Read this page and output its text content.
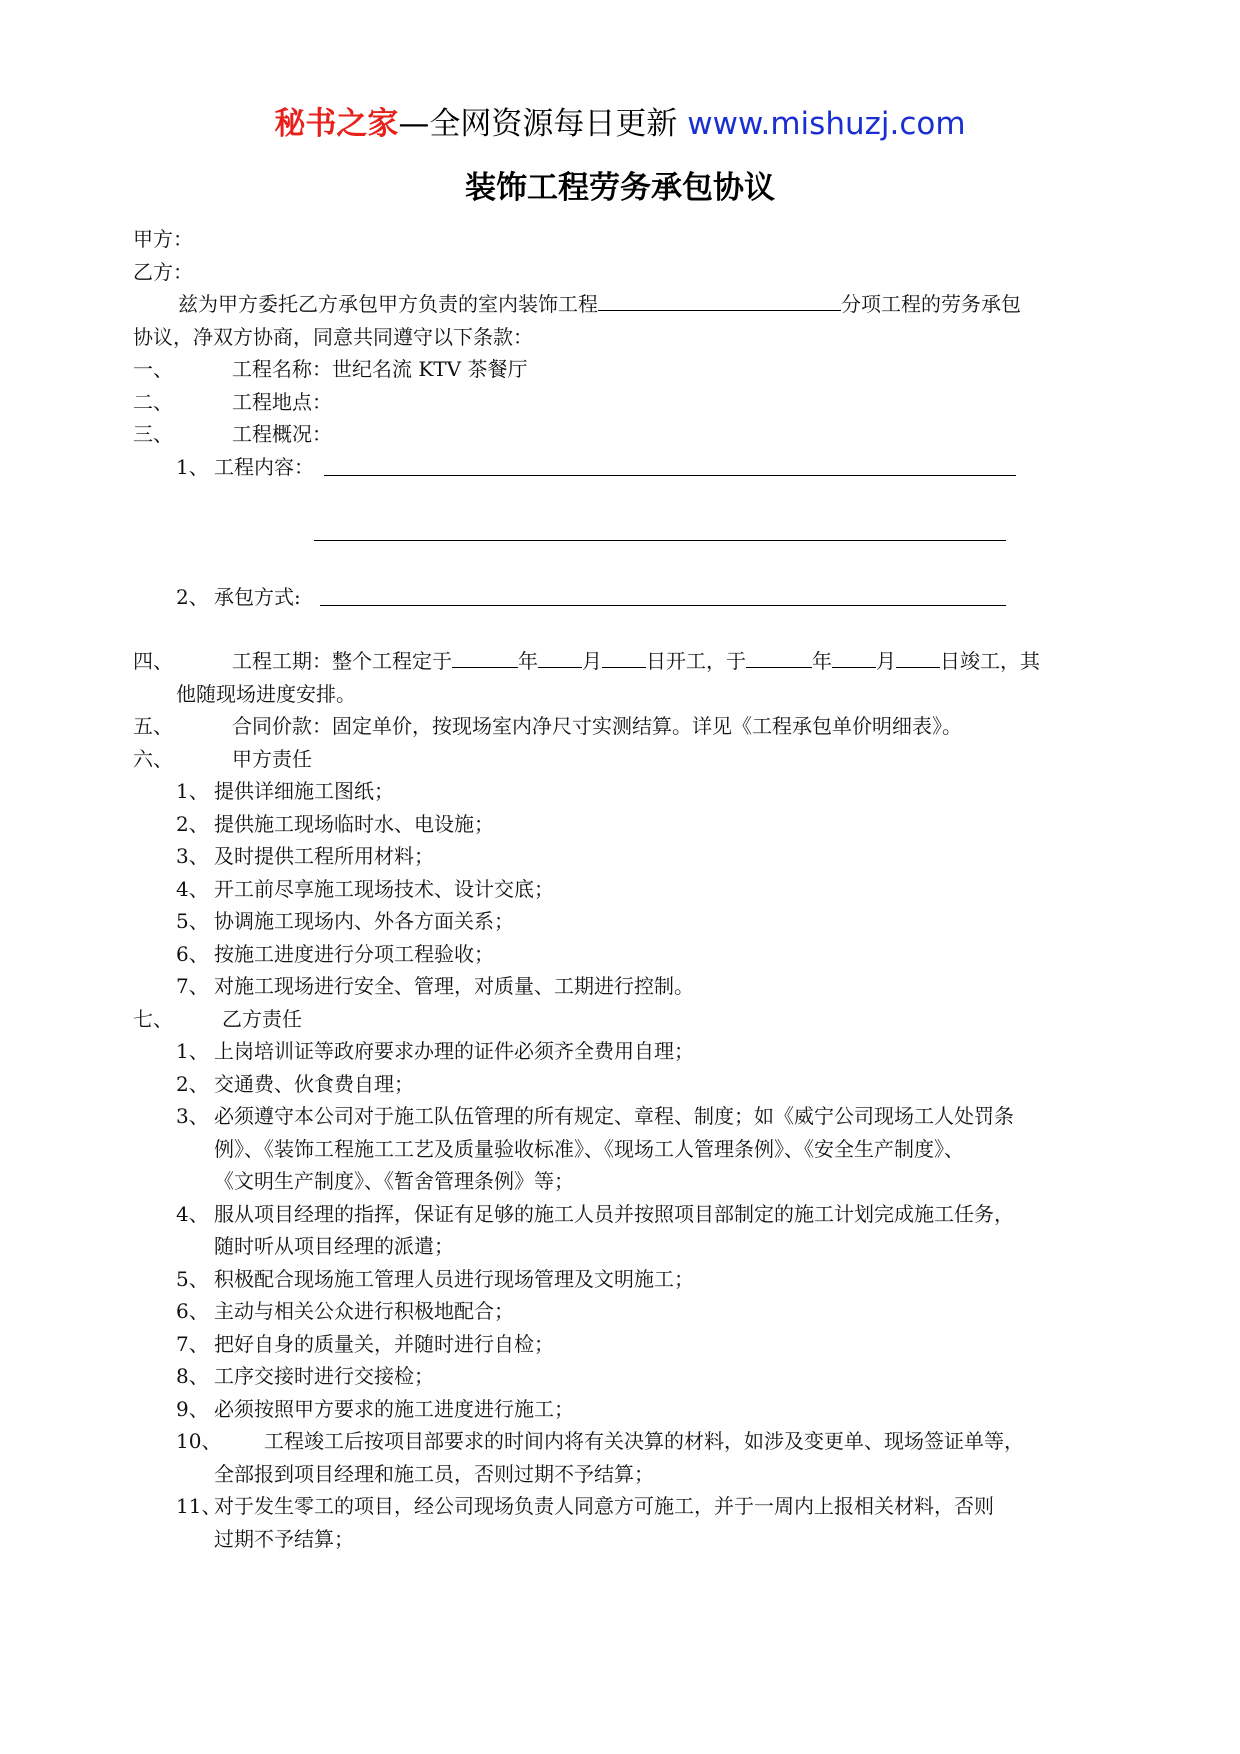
秘书之家—全网资源每日更新 www.mishuzj.com
装饰工程劳务承包协议
甲方：
乙方：
兹为甲方委托乙方承包甲方负责的室内装饰工程	分项工程的劳务承包
协议，净双方协商，同意共同遵守以下条款：
一、	工程名称：世纪名流 KTV 茶餐厅
二、	工程地点：
三、	工程概况：
1、 工程内容：
2、 承包方式:
四、	工程工期：整个工程定于	年 月 日开工，于	年 月 日竣工，其
他随现场进度安排。
五、	合同价款：固定单价，按现场室内净尺寸实测结算。详见《工程承包单价明细表》。
六、	甲方责任
1、 提供详细施工图纸；
2、 提供施工现场临时水、电设施；
3、 及时提供工程所用材料；
4、 开工前尽享施工现场技术、设计交底；
5、 协调施工现场内、外各方面关系；
6、 按施工进度进行分项工程验收；
7、 对施工现场进行安全、管理，对质量、工期进行控制。
七、 乙方责任
1、 上岗培训证等政府要求办理的证件必须齐全费用自理；
2、 交通费、伙食费自理；
3、 必须遵守本公司对于施工队伍管理的所有规定、章程、制度；如《威宁公司现场工人处罚条
例》、《装饰工程施工工艺及质量验收标准》、《现场工人管理条例》、《安全生产制度》、
《文明生产制度》、《暂舍管理条例》等；
4、 服从项目经理的指挥，保证有足够的施工人员并按照项目部制定的施工计划完成施工任务，
随时听从项目经理的派遣；
5、 积极配合现场施工管理人员进行现场管理及文明施工；
6、 主动与相关公众进行积极地配合；
7、 把好自身的质量关，并随时进行自检；
8、 工序交接时进行交接检；
9、 必须按照甲方要求的施工进度进行施工；
10、 工程竣工后按项目部要求的时间内将有关决算的材料，如涉及变更单、现场签证单等，
全部报到项目经理和施工员，否则过期不予结算；
11、
对于发生零工的项目，经公司现场负责人同意方可施工，并于一周内上报相关材料，否则
过期不予结算；
